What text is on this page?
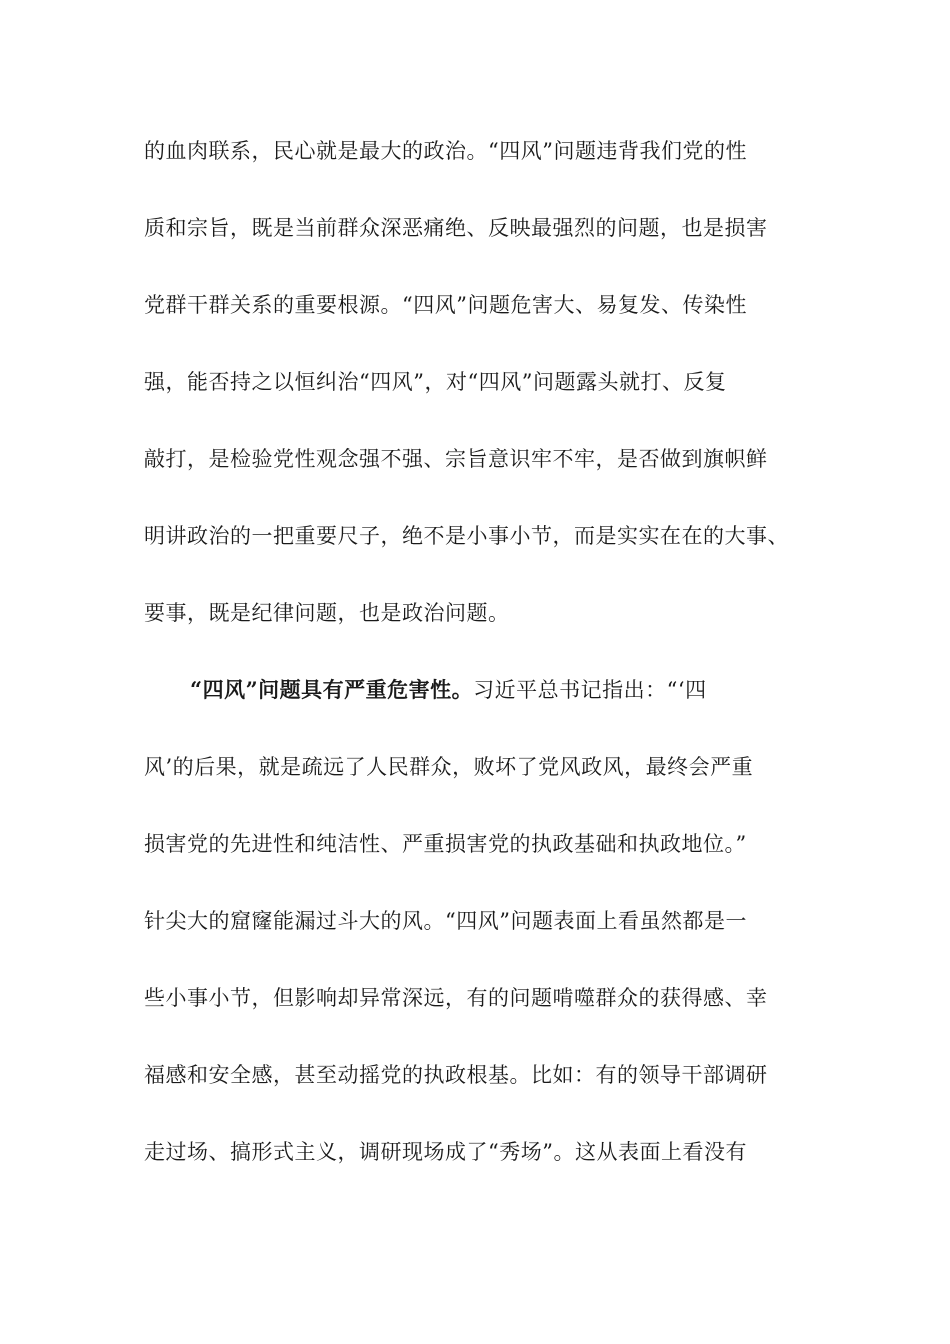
的血肉联系，民心就是最大的政治。“四风”问题违背我们党的性
质和宗旨，既是当前群众深恶痛绝、反映最强烈的问题，也是损害
党群干群关系的重要根源。“四风”问题危害大、易复发、传染性
强，能否持之以恒纠治“四风”，对“四风”问题露头就打、反复
敲打，是检验党性观念强不强、宗旨意识牢不牢，是否做到旗帜鲜
明讲政治的一把重要尺子，绝不是小事小节，而是实实在在的大事、
要事，既是纪律问题，也是政治问题。
“四风”问题具有严重危害性。习近平总书记指出：“‘四
风’的后果，就是疏远了人民群众，败坏了党风政风，最终会严重
损害党的先进性和纯洁性、严重损害党的执政基础和执政地位。”
针尖大的窟窿能漏过斗大的风。“四风”问题表面上看虽然都是一
些小事小节，但影响却异常深远，有的问题啃噬群众的获得感、幸
福感和安全感，甚至动摇党的执政根基。比如：有的领导干部调研
走过场、搞形式主义，调研现场成了“秀场”。这从表面上看没有
